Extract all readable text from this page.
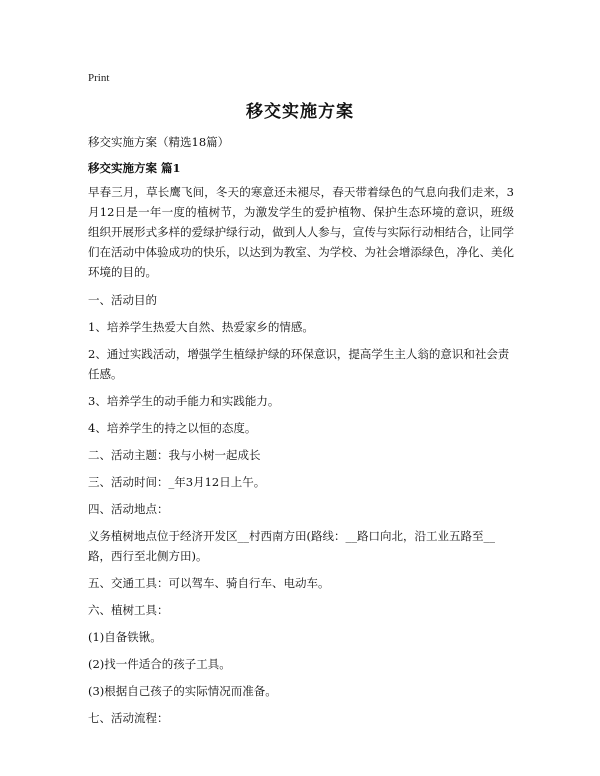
Print
移交实施方案

移交实施方案（精选18篇）

移交实施方案 篇1

早春三月，草长鹰飞间，冬天的寒意还未褪尽，春天带着绿色的气息向我们走来，3月12日是一年一度的植树节，为激发学生的爱护植物、保护生态环境的意识，班级组织开展形式多样的爱绿护绿行动，做到人人参与，宣传与实际行动相结合，让同学们在活动中体验成功的快乐，以达到为教室、为学校、为社会增添绿色，净化、美化环境的目的。

一、活动目的

1、培养学生热爱大自然、热爱家乡的情感。

2、通过实践活动，增强学生植绿护绿的环保意识，提高学生主人翁的意识和社会责任感。

3、培养学生的动手能力和实践能力。

4、培养学生的持之以恒的态度。

二、活动主题：我与小树一起成长

三、活动时间：_年3月12日上午。

四、活动地点：

义务植树地点位于经济开发区__村西南方田(路线：__路口向北，沿工业五路至__路，西行至北侧方田)。

五、交通工具：可以驾车、骑自行车、电动车。

六、植树工具：

(1)自备铁锹。

(2)找一件适合的孩子工具。

(3)根据自己孩子的实际情况而准备。

七、活动流程：
